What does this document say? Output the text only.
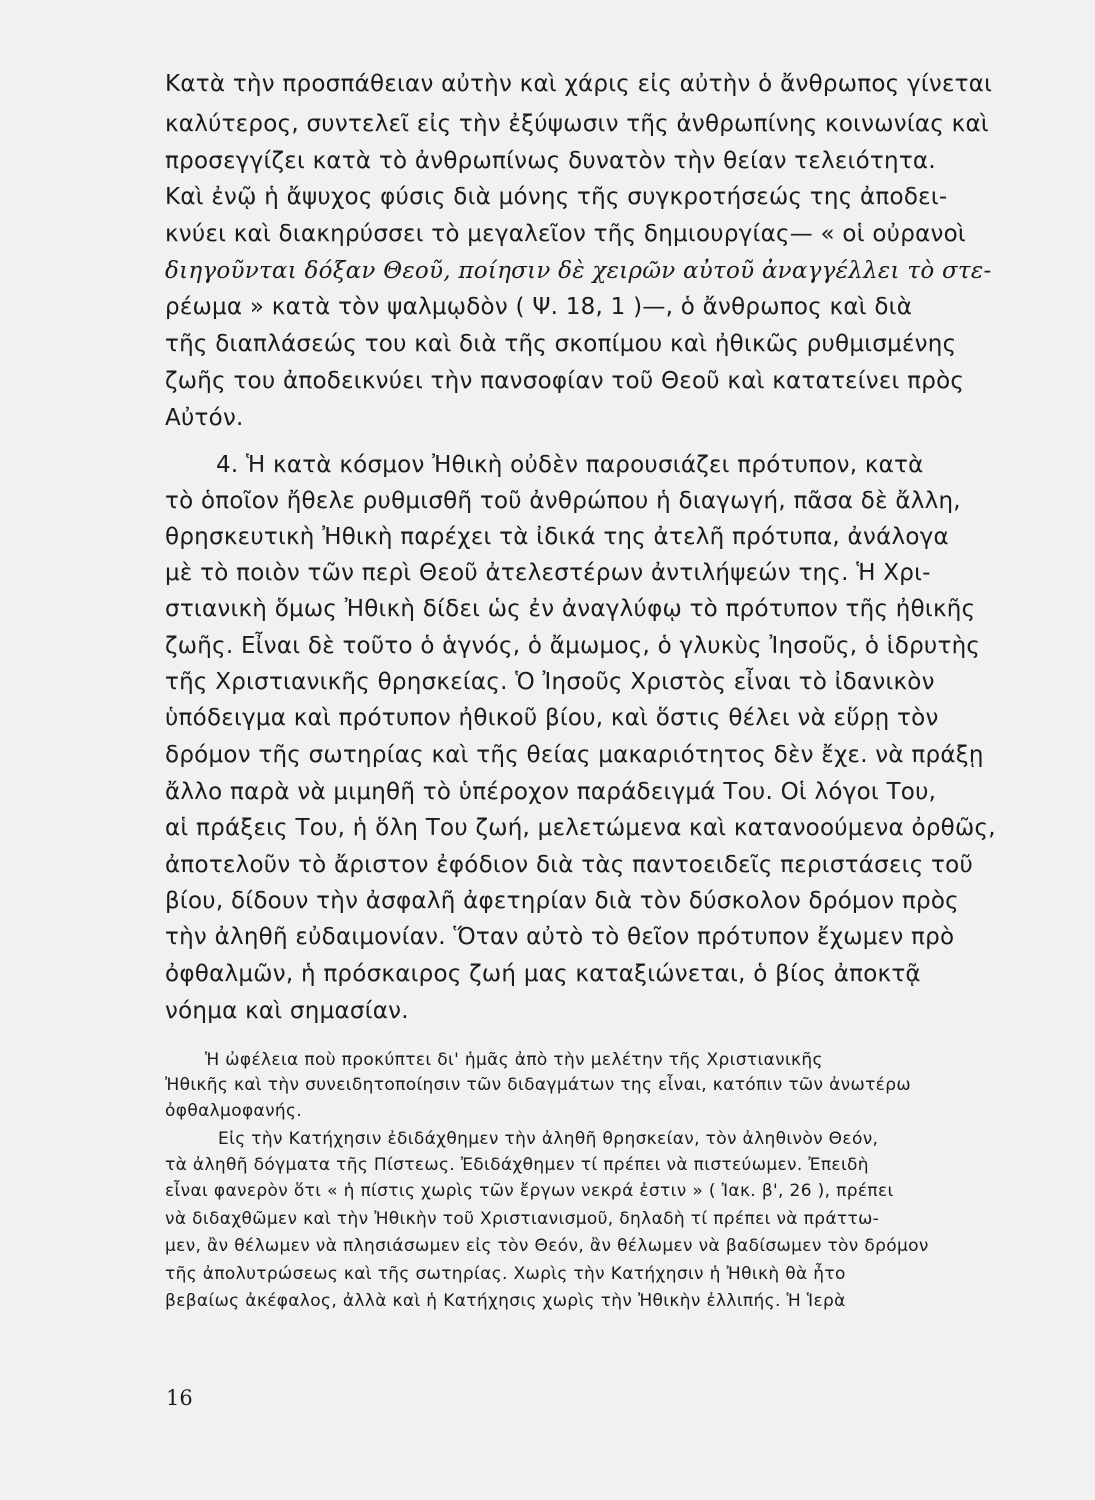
Κατὰ τὴν προσπάθειαν αὐτὴν καὶ χάρις εἰς αὐτὴν ὁ ἄνθρωπος γίνεται
καλύτερος, συντελεῖ εἰς τὴν ἐξύψωσιν τῆς ἀνθρωπίνης κοινωνίας καὶ
προσεγγίζει κατὰ τὸ ἀνθρωπίνως δυνατὸν τὴν θείαν τελειότητα.
Καὶ ἐνῷ ἡ ἄψυχος φύσις διὰ μόνης τῆς συγκροτήσεώς της ἀποδει-
κνύει καὶ διακηρύσσει τὸ μεγαλεῖον τῆς δημιουργίας— « οἱ οὐρανοὶ
διηγοῦνται δόξαν Θεοῦ, ποίησιν δὲ χειρῶν αὐτοῦ ἀναγγέλλει τὸ στε-
ρέωμα » κατὰ τὸν ψαλμῳδὸν ( Ψ. 18, 1 )—, ὁ ἄνθρωπος καὶ διὰ
τῆς διαπλάσεώς του καὶ διὰ τῆς σκοπίμου καὶ ἠθικῶς ρυθμισμένης
ζωῆς του ἀποδεικνύει τὴν πανσοφίαν τοῦ Θεοῦ καὶ κατατείνει πρὸς
Αὐτόν.
4. Ἡ κατὰ κόσμον Ἠθικὴ οὐδὲν παρουσιάζει πρότυπον, κατὰ
τὸ ὁποῖον ἤθελε ρυθμισθῆ τοῦ ἀνθρώπου ἡ διαγωγή, πᾶσα δὲ ἄλλη,
θρησκευτικὴ Ἠθικὴ παρέχει τὰ ἰδικά της ἀτελῆ πρότυπα, ἀνάλογα
μὲ τὸ ποιὸν τῶν περὶ Θεοῦ ἀτελεστέρων ἀντιλήψεών της. Ἡ Χρι-
στιανικὴ ὅμως Ἠθικὴ δίδει ὡς ἐν ἀναγλύφῳ τὸ πρότυπον τῆς ἠθικῆς
ζωῆς. Εἶναι δὲ τοῦτο ὁ ἁγνός, ὁ ἄμωμος, ὁ γλυκὺς Ἰησοῦς, ὁ ἱδρυτὴς
τῆς Χριστιανικῆς θρησκείας. Ὁ Ἰησοῦς Χριστὸς εἶναι τὸ ἰδανικὸν
ὑπόδειγμα καὶ πρότυπον ἠθικοῦ βίου, καὶ ὅστις θέλει νὰ εὕρῃ τὸν
δρόμον τῆς σωτηρίας καὶ τῆς θείας μακαριότητος δὲν ἔχε. νὰ πράξῃ
ἄλλο παρὰ νὰ μιμηθῆ τὸ ὑπέροχον παράδειγμά Του. Οἱ λόγοι Του,
αἱ πράξεις Του, ἡ ὅλη Του ζωή, μελετώμενα καὶ κατανοούμενα ὀρθῶς,
ἀποτελοῦν τὸ ἄριστον ἐφόδιον διὰ τὰς παντοειδεῖς περιστάσεις τοῦ
βίου, δίδουν τὴν ἀσφαλῆ ἀφετηρίαν διὰ τὸν δύσκολον δρόμον πρὸς
τὴν ἀληθῆ εὐδαιμονίαν. Ὅταν αὐτὸ τὸ θεῖον πρότυπον ἔχωμεν πρὸ
ὀφθαλμῶν, ἡ πρόσκαιρος ζωή μας καταξιώνεται, ὁ βίος ἀποκτᾷ
νόημα καὶ σημασίαν.
Ἡ ὠφέλεια ποὺ προκύπτει δι' ἡμᾶς ἀπὸ τὴν μελέτην τῆς Χριστιανικῆς
Ἠθικῆς καὶ τὴν συνειδητοποίησιν τῶν διδαγμάτων της εἶναι, κατόπιν τῶν ἀνωτέρω
ὀφθαλμοφανής.
Εἰς τὴν Κατήχησιν ἐδιδάχθημεν τὴν ἀληθῆ θρησκείαν, τὸν ἀληθινὸν Θεόν,
τὰ ἀληθῆ δόγματα τῆς Πίστεως. Ἐδιδάχθημεν τί πρέπει νὰ πιστεύωμεν. Ἐπειδὴ
εἶναι φανερὸν ὅτι « ἡ πίστις χωρὶς τῶν ἔργων νεκρά ἐστιν » ( Ἰακ. β', 26 ), πρέπει
νὰ διδαχθῶμεν καὶ τὴν Ἠθικὴν τοῦ Χριστιανισμοῦ, δηλαδὴ τί πρέπει νὰ πράττω-
μεν, ἂν θέλωμεν νὰ πλησιάσωμεν εἰς τὸν Θεόν, ἂν θέλωμεν νὰ βαδίσωμεν τὸν δρόμον
τῆς ἀπολυτρώσεως καὶ τῆς σωτηρίας. Χωρὶς τὴν Κατήχησιν ἡ Ἠθικὴ θὰ ἦτο
βεβαίως ἀκέφαλος, ἀλλὰ καὶ ἡ Κατήχησις χωρὶς τὴν Ἠθικὴν ἐλλιπής. Ἡ Ἱερὰ
16
